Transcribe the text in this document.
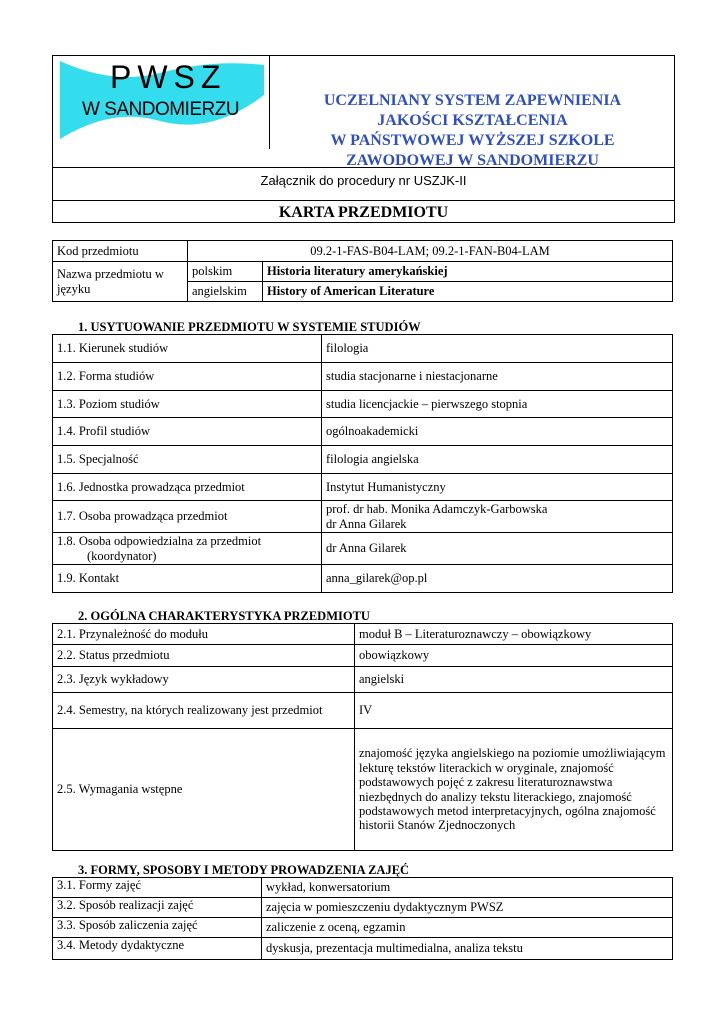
PWSZ
W SANDOMIERZU	UCZELNIANY SYSTEM ZAPEWNIENIA
JAKOŚCI KSZTAŁCENIA
W PAŃSTWOWEJ WYŻSZEJ SZKOLE
ZAWODOWEJ W SANDOMIERZU
Załącznik do procedury nr USZJK-II
KARTA PRZEDMIOTU
Kod przedmiotu	09.2-1-FAS-B04-LAM; 09.2-1-FAN-B04-LAM	
Nazwa przedmiotu w języku	polskim	Historia literatury amerykańskiej
	angielskim	History of American Literature
1. USYTUOWANIE PRZEDMIOTU W SYSTEMIE STUDIÓW
1.1. Kierunek studiów	filologia
1.2. Forma studiów	studia stacjonarne i niestacjonarne
1.3. Poziom studiów	studia licencjackie – pierwszego stopnia
1.4. Profil studiów	ogólnoakademicki
1.5. Specjalność	filologia angielska
1.6. Jednostka prowadząca przedmiot	Instytut Humanistyczny
1.7. Osoba prowadząca przedmiot	prof. dr hab. Monika Adamczyk-Garbowska
dr Anna Gilarek

1.8. Osoba odpowiedzialna za przedmiot
(koordynator)	dr Anna Gilarek
1.9. Kontakt	anna_gilarek@op.pl
2. OGÓLNA CHARAKTERYSTYKA PRZEDMIOTU
2.1. Przynależność do modułu	moduł B – Literaturoznawczy – obowiązkowy
2.2. Status przedmiotu	obowiązkowy
2.3. Język wykładowy	angielski
2.4. Semestry, na których realizowany jest przedmiot	IV
2.5. Wymagania wstępne	znajomość języka angielskiego na poziomie umożliwiającym lekturę tekstów literackich w oryginale, znajomość podstawowych pojęć z zakresu literaturoznawstwa niezbędnych do analizy tekstu literackiego, znajomość podstawowych metod interpretacyjnych, ogólna znajomość historii Stanów Zjednoczonych
3. FORMY, SPOSOBY I METODY PROWADZENIA ZAJĘĆ
3.1. Formy zajęć	wykład, konwersatorium
3.2. Sposób realizacji zajęć	zajęcia w pomieszczeniu dydaktycznym PWSZ
3.3. Sposób zaliczenia zajęć	zaliczenie z oceną, egzamin
3.4. Metody dydaktyczne	dyskusja, prezentacja multimedialna, analiza tekstu
